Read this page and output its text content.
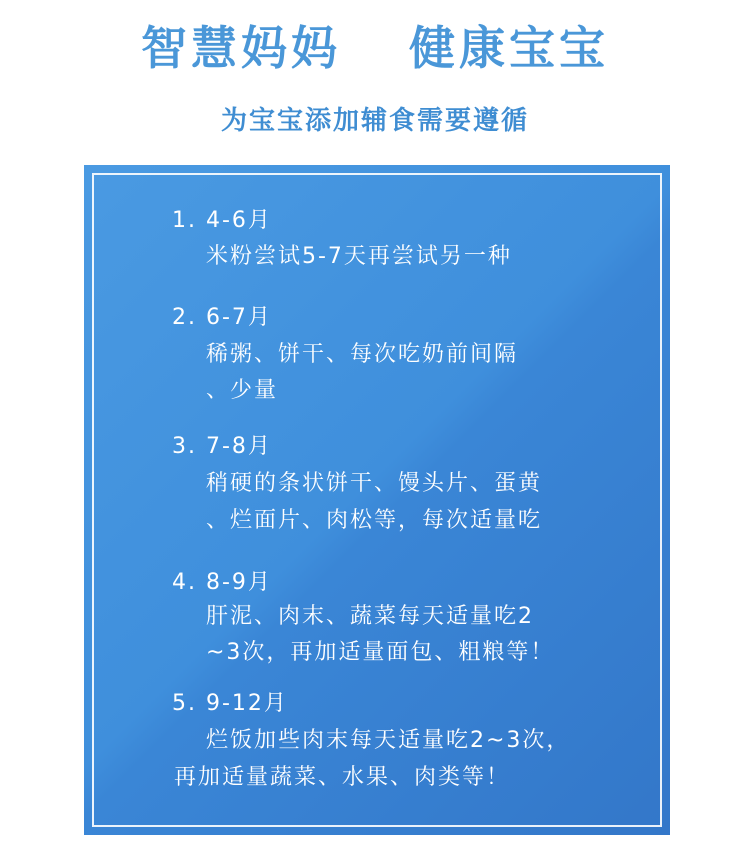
智慧妈妈  健康宝宝
为宝宝添加辅食需要遵循
1. 4-6月
米粉尝试5-7天再尝试另一种
2. 6-7月
稀粥、饼干、每次吃奶前间隔
、少量
3. 7-8月
稍硬的条状饼干、馒头片、蛋黄
、烂面片、肉松等，每次适量吃
4. 8-9月
肝泥、肉末、蔬菜每天适量吃2
~3次，再加适量面包、粗粮等！
5. 9-12月
烂饭加些肉末每天适量吃2~3次，
再加适量蔬菜、水果、肉类等！
